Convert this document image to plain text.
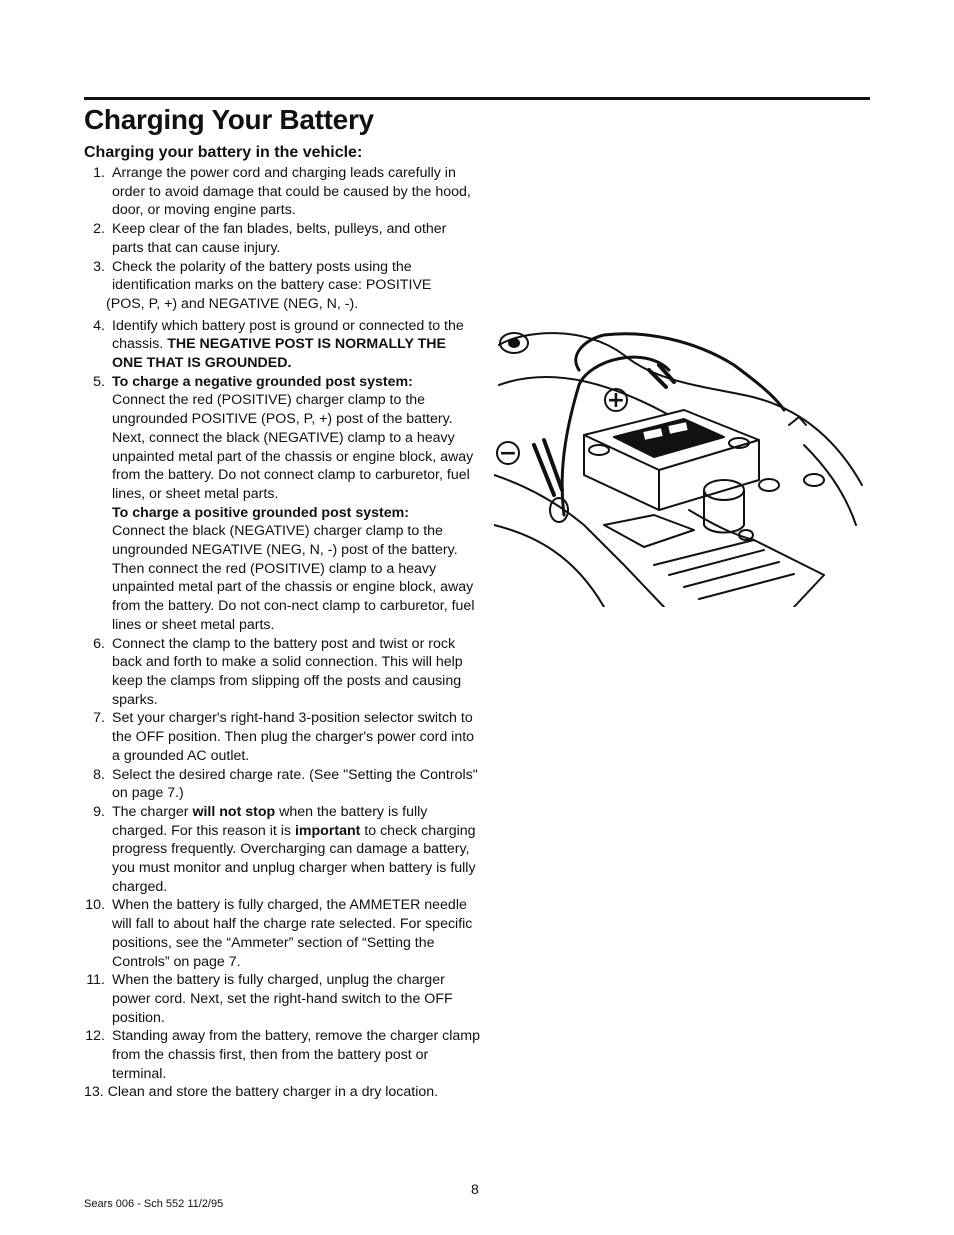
Charging Your Battery
Charging your battery in the vehicle:
1. Arrange the power cord and charging leads carefully in order to avoid damage that could be caused by the hood, door, or moving engine parts.
2. Keep clear of the fan blades, belts, pulleys, and other parts that can cause injury.
3. Check the polarity of the battery posts using the identification marks on the battery case: POSITIVE
(POS, P, +) and NEGATIVE (NEG, N, -).
4. Identify which battery post is ground or connected to the chassis. THE NEGATIVE POST IS NORMALLY THE ONE THAT IS GROUNDED.
5. To charge a negative grounded post system:
Connect the red (POSITIVE) charger clamp to the ungrounded POSITIVE (POS, P, +) post of the battery. Next, connect the black (NEGATIVE) clamp to a heavy unpainted metal part of the chassis or engine block, away from the battery. Do not connect clamp to carburetor, fuel lines, or sheet metal parts.
To charge a positive grounded post system:
Connect the black (NEGATIVE) charger clamp to the ungrounded NEGATIVE (NEG, N, -) post of the battery. Then connect the red (POSITIVE) clamp to a heavy unpainted metal part of the chassis or engine block, away from the battery. Do not con-nect clamp to carburetor, fuel lines or sheet metal parts.
6. Connect the clamp to the battery post and twist or rock back and forth to make a solid connection. This will help keep the clamps from slipping off the posts and causing sparks.
7. Set your charger's right-hand 3-position selector switch to the OFF position. Then plug the charger's power cord into a grounded AC outlet.
8. Select the desired charge rate. (See "Setting the Controls" on page 7.)
9. The charger will not stop when the battery is fully charged. For this reason it is important to check charging progress frequently. Overcharging can damage a battery, you must monitor and unplug charger when battery is fully charged.
10. When the battery is fully charged, the AMMETER needle will fall to about half the charge rate selected. For specific positions, see the “Ammeter” section of “Setting the Controls” on page 7.
11. When the battery is fully charged, unplug the charger power cord. Next, set the right-hand switch to the OFF position.
12. Standing away from the battery, remove the charger clamp from the chassis first, then from the battery post or terminal.
13. Clean and store the battery charger in a dry location.
+
−
8
Sears 006 - Sch 552 11/2/95
